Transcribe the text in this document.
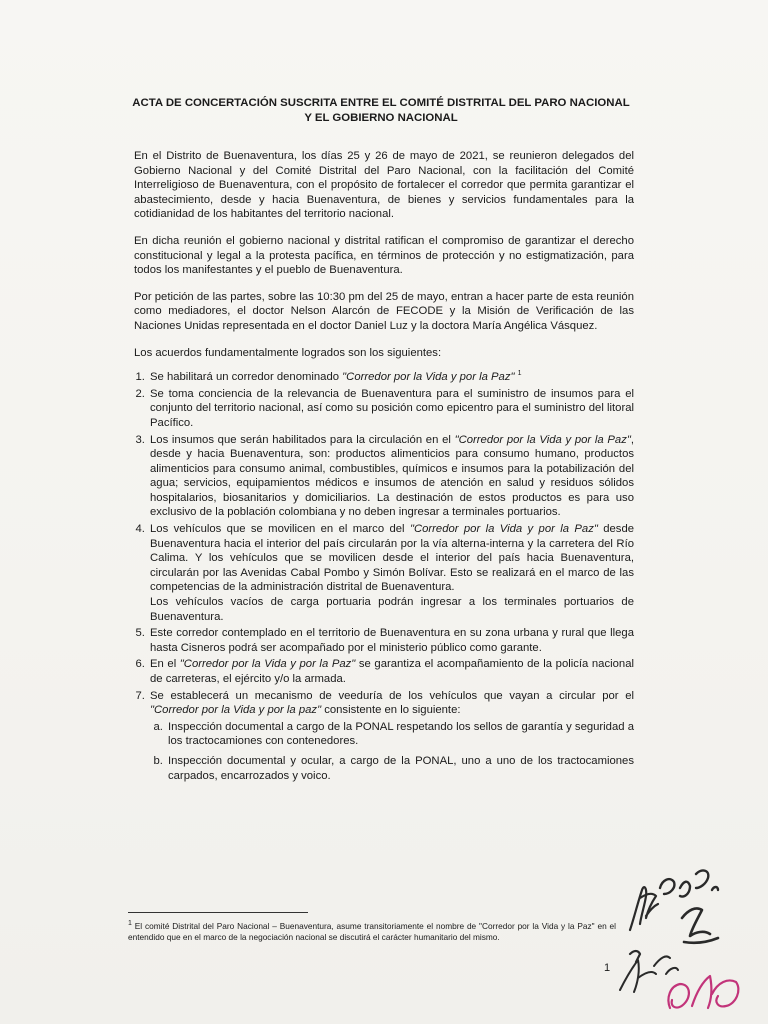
ACTA DE CONCERTACIÓN SUSCRITA ENTRE EL COMITÉ DISTRITAL DEL PARO NACIONAL
Y EL GOBIERNO NACIONAL

En el Distrito de Buenaventura, los días 25 y 26 de mayo de 2021, se reunieron delegados del Gobierno Nacional y del Comité Distrital del Paro Nacional, con la facilitación del Comité Interreligioso de Buenaventura, con el propósito de fortalecer el corredor que permita garantizar el abastecimiento, desde y hacia Buenaventura, de bienes y servicios fundamentales para la cotidianidad de los habitantes del territorio nacional.

En dicha reunión el gobierno nacional y distrital ratifican el compromiso de garantizar el derecho constitucional y legal a la protesta pacífica, en términos de protección y no estigmatización, para todos los manifestantes y el pueblo de Buenaventura.

Por petición de las partes, sobre las 10:30 pm del 25 de mayo, entran a hacer parte de esta reunión como mediadores, el doctor Nelson Alarcón de FECODE y la Misión de Verificación de las Naciones Unidas representada en el doctor Daniel Luz y la doctora María Angélica Vásquez.

Los acuerdos fundamentalmente logrados son los siguientes:

1. Se habilitará un corredor denominado "Corredor por la Vida y por la Paz" $^1$
2. Se toma conciencia de la relevancia de Buenaventura para el suministro de insumos para el conjunto del territorio nacional, así como su posición como epicentro para el suministro del litoral Pacífico.
3. Los insumos que serán habilitados para la circulación en el "Corredor por la Vida y por la Paz", desde y hacia Buenaventura, son: productos alimenticios para consumo humano, productos alimenticios para consumo animal, combustibles, químicos e insumos para la potabilización del agua; servicios, equipamientos médicos e insumos de atención en salud y residuos sólidos hospitalarios, biosanitarios y domiciliarios. La destinación de estos productos es para uso exclusivo de la población colombiana y no deben ingresar a terminales portuarios.
4. Los vehículos que se movilicen en el marco del "Corredor por la Vida y por la Paz" desde Buenaventura hacia el interior del país circularán por la vía alterna-interna y la carretera del Río Calima. Y los vehículos que se movilicen desde el interior del país hacia Buenaventura, circularán por las Avenidas Cabal Pombo y Simón Bolívar. Esto se realizará en el marco de las competencias de la administración distrital de Buenaventura.
Los vehículos vacíos de carga portuaria podrán ingresar a los terminales portuarios de Buenaventura.
5. Este corredor contemplado en el territorio de Buenaventura en su zona urbana y rural que llega hasta Cisneros podrá ser acompañado por el ministerio público como garante.
6. En el "Corredor por la Vida y por la Paz" se garantiza el acompañamiento de la policía nacional de carreteras, el ejército y/o la armada.
7. Se establecerá un mecanismo de veeduría de los vehículos que vayan a circular por el "Corredor por la Vida y por la paz" consistente en lo siguiente:
a. Inspección documental a cargo de la PONAL respetando los sellos de garantía y seguridad a los tractocamiones con contenedores.
b. Inspección documental y ocular, a cargo de la PONAL, uno a uno de los tractocamiones carpados, encarrozados y voico.
$^1$ El comité Distrital del Paro Nacional – Buenaventura, asume transitoriamente el nombre de "Corredor por la Vida y la Paz" en el entendido que en el marco de la negociación nacional se discutirá el carácter humanitario del mismo.
1
